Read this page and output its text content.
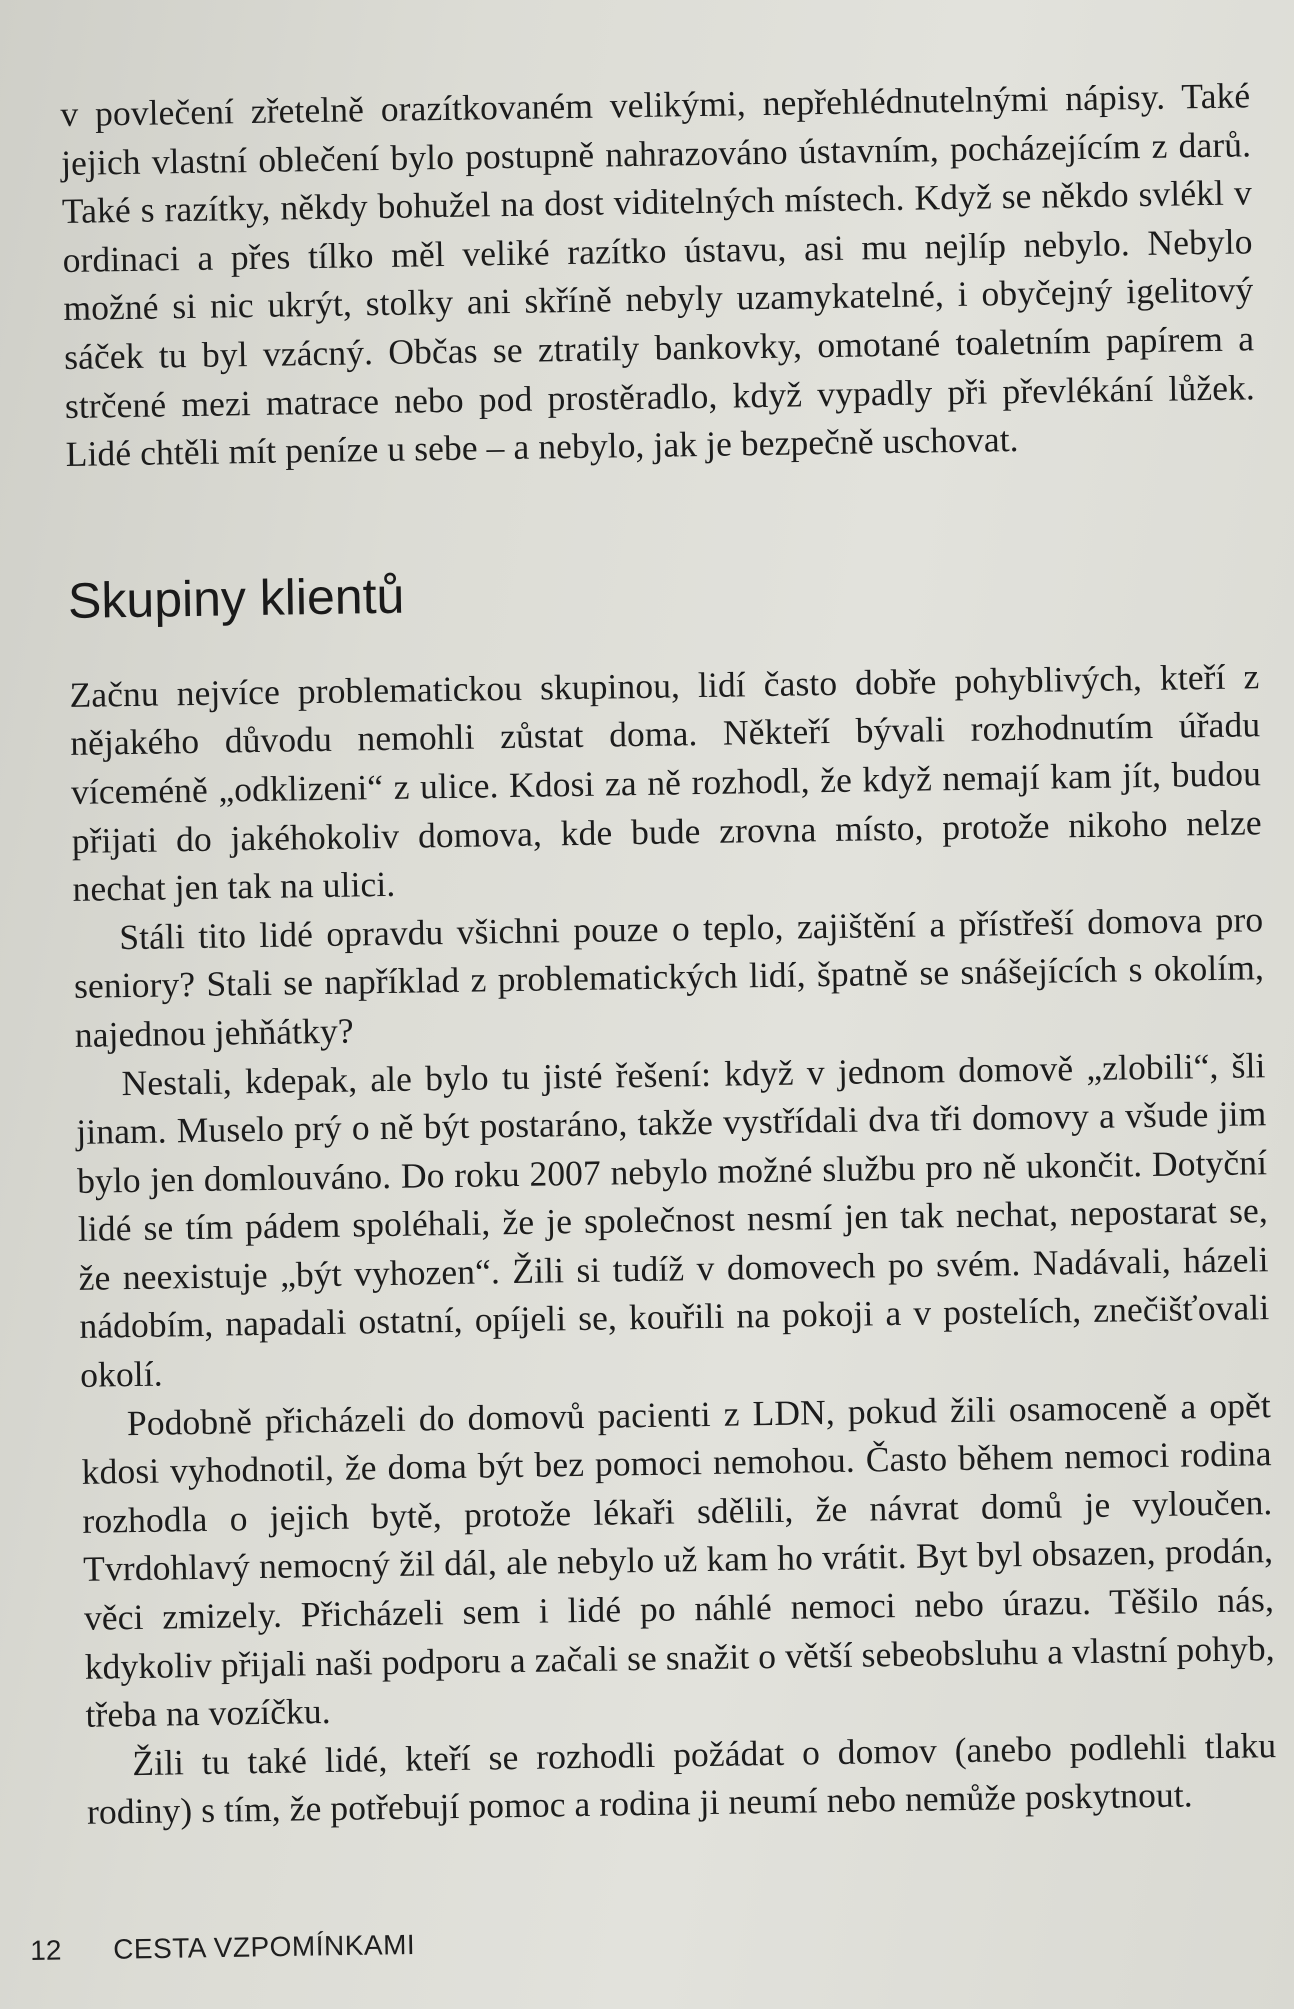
v povlečení zřetelně orazítkovaném velikými, nepřehlédnutelnými nápisy. Také jejich vlastní oblečení bylo postupně nahrazováno ústavním, pocházejícím z darů. Také s razítky, někdy bohužel na dost viditelných místech. Když se někdo svlékl v ordinaci a přes tílko měl veliké razítko ústavu, asi mu nejlíp nebylo. Nebylo možné si nic ukrýt, stolky ani skříně nebyly uzamykatelné, i obyčejný igelitový sáček tu byl vzácný. Občas se ztratily bankovky, omotané toaletním papírem a strčené mezi matrace nebo pod prostěradlo, když vypadly při převlékání lůžek. Lidé chtěli mít peníze u sebe – a nebylo, jak je bezpečně uschovat.

Skupiny klientů

Začnu nejvíce problematickou skupinou, lidí často dobře pohyblivých, kteří z nějakého důvodu nemohli zůstat doma. Někteří bývali rozhodnutím úřadu víceméně „odklizeni“ z ulice. Kdosi za ně rozhodl, že když nemají kam jít, budou přijati do jakéhokoliv domova, kde bude zrovna místo, protože nikoho nelze nechat jen tak na ulici.

Stáli tito lidé opravdu všichni pouze o teplo, zajištění a přístřeší domova pro seniory? Stali se například z problematických lidí, špatně se snášejících s okolím, najednou jehňátky?

Nestali, kdepak, ale bylo tu jisté řešení: když v jednom domově „zlobili“, šli jinam. Muselo prý o ně být postaráno, takže vystřídali dva tři domovy a všude jim bylo jen domlouváno. Do roku 2007 nebylo možné službu pro ně ukončit. Dotyční lidé se tím pádem spoléhali, že je společnost nesmí jen tak nechat, nepostarat se, že neexistuje „být vyhozen“. Žili si tudíž v domovech po svém. Nadávali, házeli nádobím, napadali ostatní, opíjeli se, kouřili na pokoji a v postelích, znečišťovali okolí.

Podobně přicházeli do domovů pacienti z LDN, pokud žili osamoceně a opět kdosi vyhodnotil, že doma být bez pomoci nemohou. Často během nemoci rodina rozhodla o jejich bytě, protože lékaři sdělili, že návrat domů je vyloučen. Tvrdohlavý nemocný žil dál, ale nebylo už kam ho vrátit. Byt byl obsazen, prodán, věci zmizely. Přicházeli sem i lidé po náhlé nemoci nebo úrazu. Těšilo nás, kdykoliv přijali naši podporu a začali se snažit o větší sebeobsluhu a vlastní pohyb, třeba na vozíčku.

Žili tu také lidé, kteří se rozhodli požádat o domov (anebo podlehli tlaku rodiny) s tím, že potřebují pomoc a rodina ji neumí nebo nemůže poskytnout.

12 CESTA VZPOMÍNKAMI
